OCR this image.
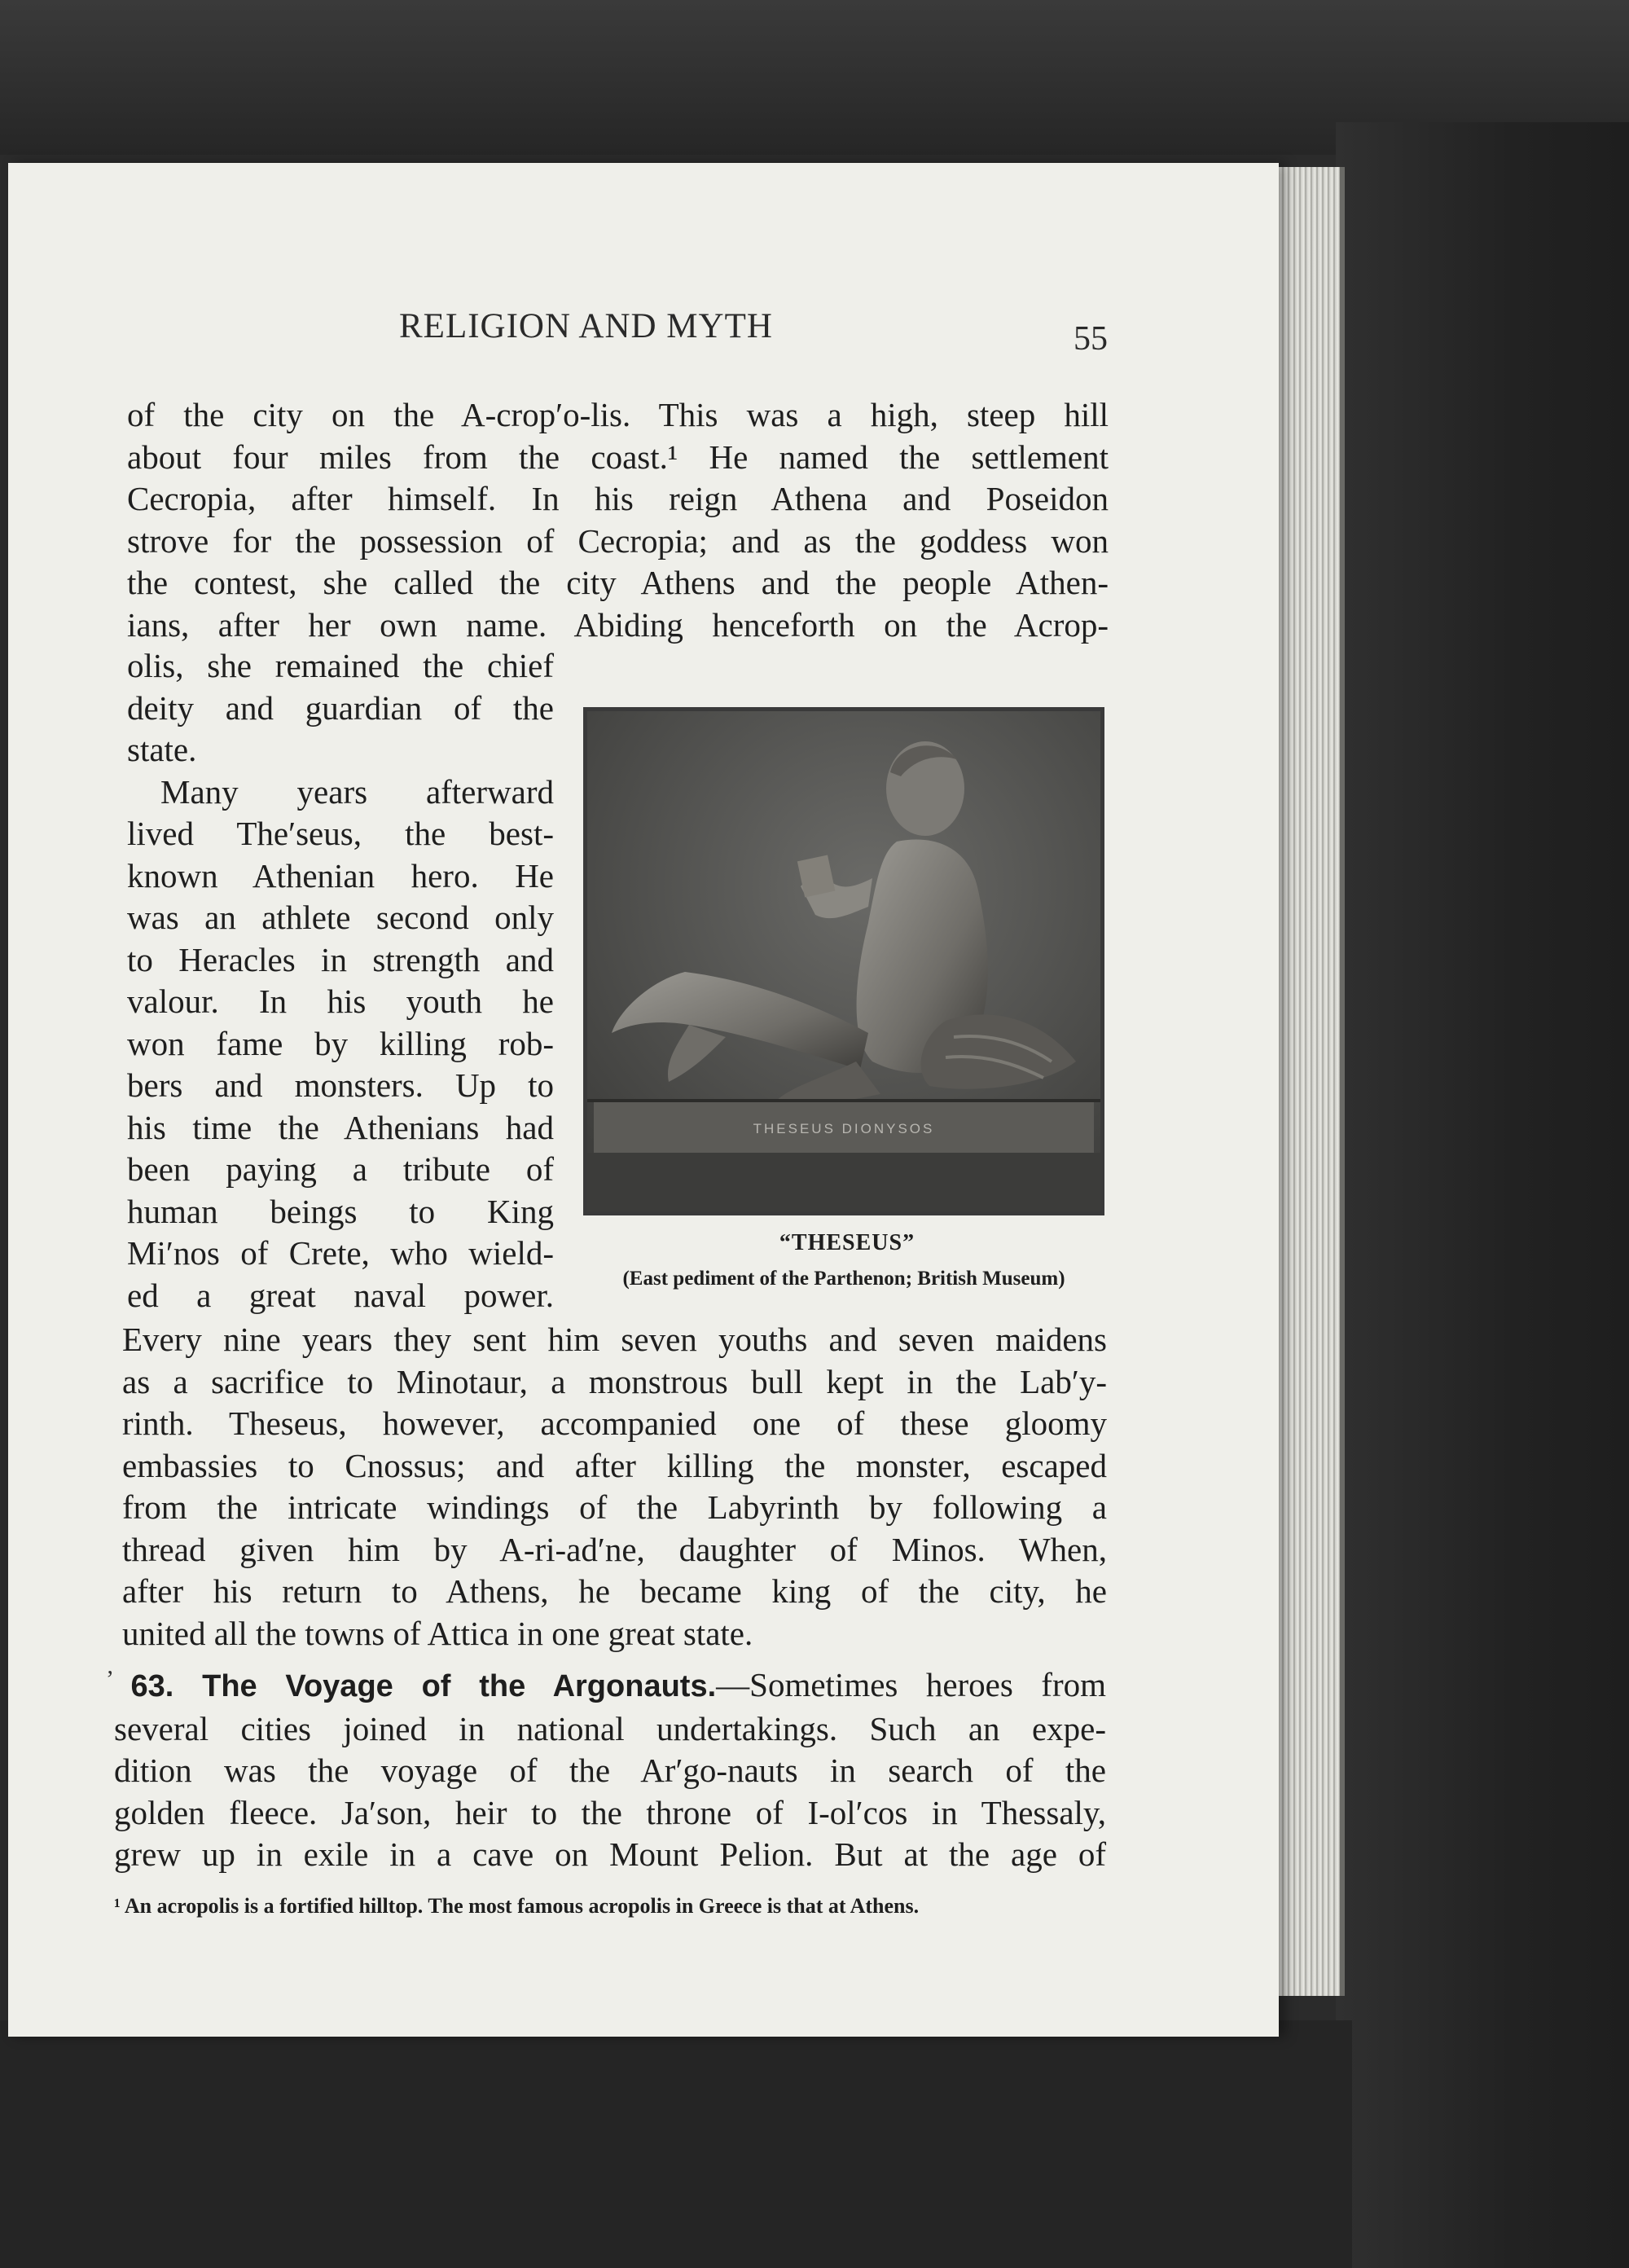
RELIGION AND MYTH	55
of the city on the A-crop′o-lis. This was a high, steep hill
about four miles from the coast.¹ He named the settlement
Cecropia, after himself. In his reign Athena and Poseidon
strove for the possession of Cecropia; and as the goddess won
the contest, she called the city Athens and the people Athen-
ians, after her own name. Abiding henceforth on the Acrop-
olis, she remained the chief
deity and guardian of the
state.
 Many years afterward
lived The′seus, the best-
known Athenian hero. He
was an athlete second only
to Heracles in strength and
valour. In his youth he
won fame by killing rob-
bers and monsters. Up to
his time the Athenians had
been paying a tribute of
human beings to King
Mi′nos of Crete, who wield-
ed a great naval power.
THESEUS DIONYSOS
“THESEUS”
(East pediment of the Parthenon; British Museum)
Every nine years they sent him seven youths and seven maidens
as a sacrifice to Minotaur, a monstrous bull kept in the Lab′y-
rinth. Theseus, however, accompanied one of these gloomy
embassies to Cnossus; and after killing the monster, escaped
from the intricate windings of the Labyrinth by following a
thread given him by A-ri-ad′ne, daughter of Minos. When,
after his return to Athens, he became king of the city, he
united all the towns of Attica in one great state.
ʼ
  63. The Voyage of the Argonauts.—Sometimes heroes from
several cities joined in national undertakings. Such an expe-
dition was the voyage of the Ar′go-nauts in search of the
golden fleece. Ja′son, heir to the throne of I-ol′cos in Thessaly,
grew up in exile in a cave on Mount Pelion. But at the age of
¹ An acropolis is a fortified hilltop. The most famous acropolis in Greece is that at Athens.
